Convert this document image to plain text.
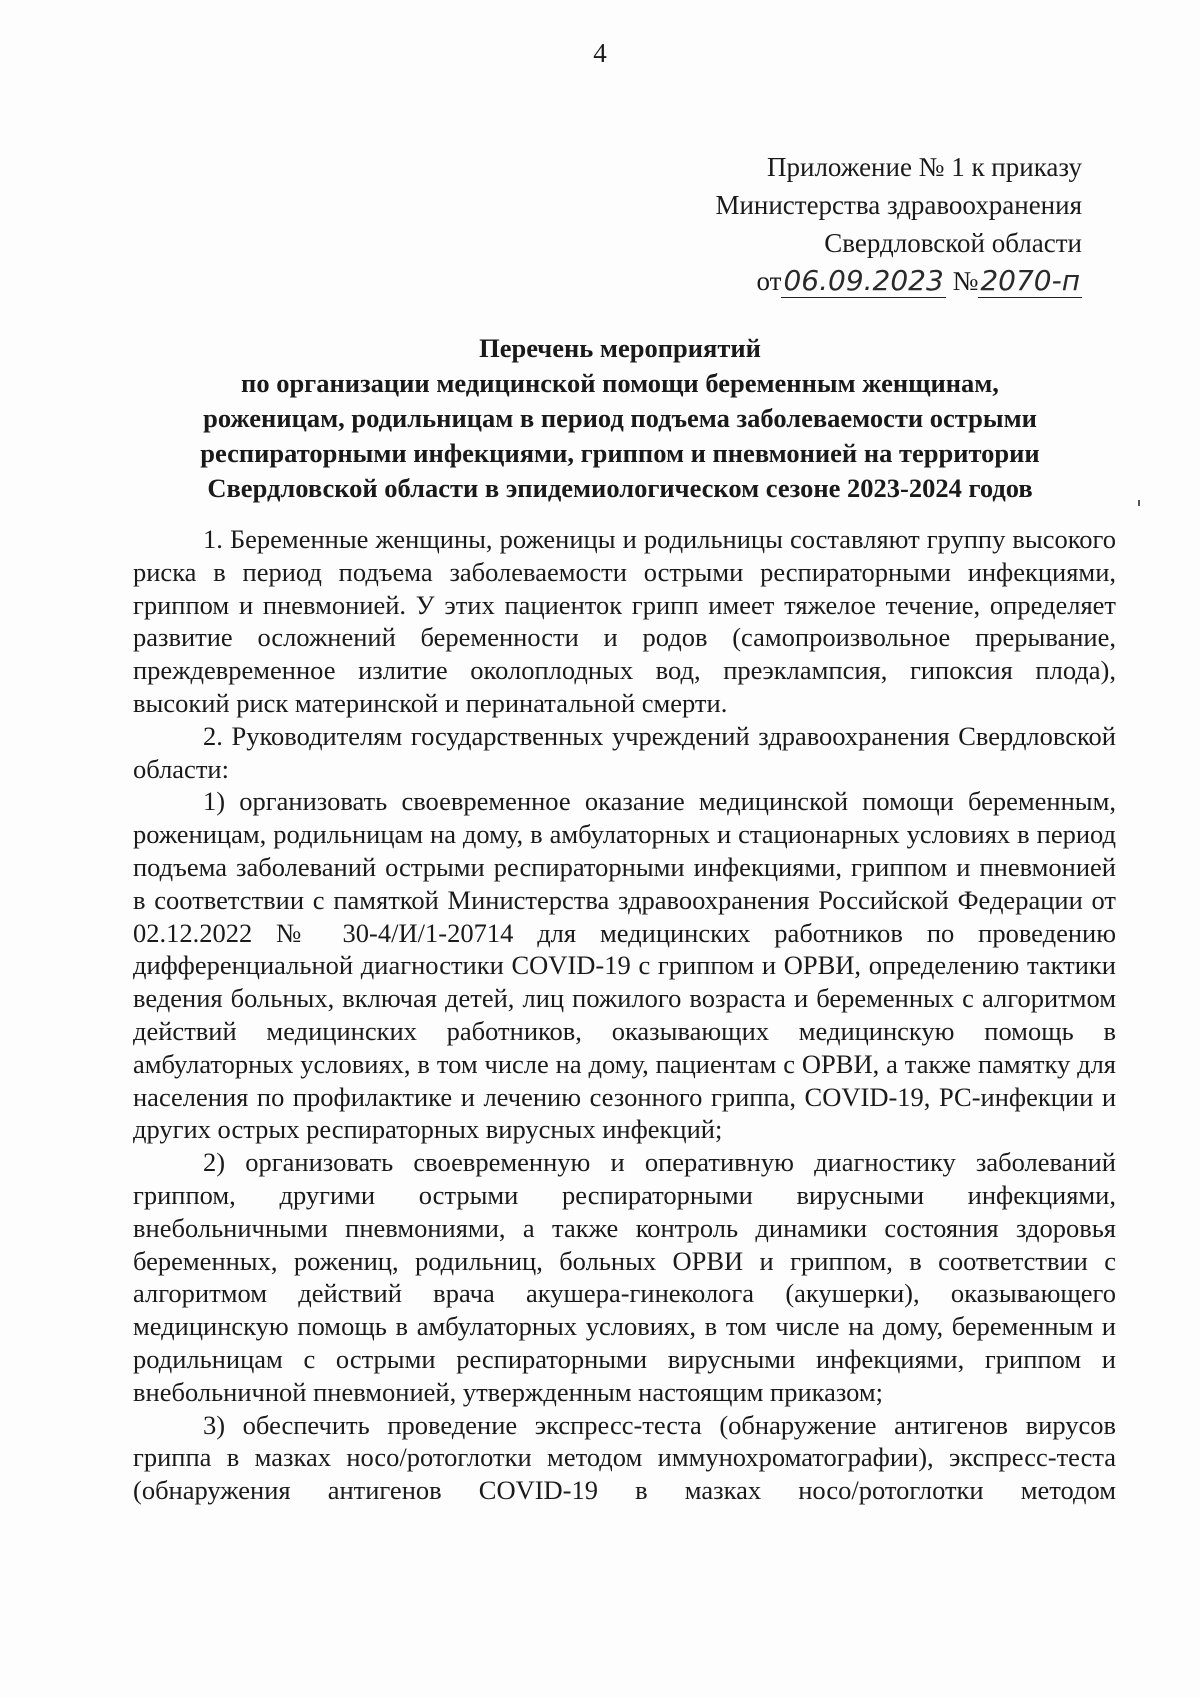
4
Приложение № 1 к приказу
Министерства здравоохранения
Свердловской области
от06.09.2023 №2070-п
Перечень мероприятий
по организации медицинской помощи беременным женщинам,
роженицам, родильницам в период подъема заболеваемости острыми
респираторными инфекциями, гриппом и пневмонией на территории
Свердловской области в эпидемиологическом сезоне 2023-2024 годов

1. Беременные женщины, роженицы и родильницы составляют группу высокого риска в период подъема заболеваемости острыми респираторными инфекциями, гриппом и пневмонией. У этих пациенток грипп имеет тяжелое течение, определяет развитие осложнений беременности и родов (самопроизвольное прерывание, преждевременное излитие околоплодных вод, преэклампсия, гипоксия плода), высокий риск материнской и перинатальной смерти.

2. Руководителям государственных учреждений здравоохранения Свердловской области:

1) организовать своевременное оказание медицинской помощи беременным, роженицам, родильницам на дому, в амбулаторных и стационарных условиях в период подъема заболеваний острыми респираторными инфекциями, гриппом и пневмонией в соответствии с памяткой Министерства здравоохранения Российской Федерации от 02.12.2022 № 30-4/И/1-20714 для медицинских работников по проведению дифференциальной диагностики COVID-19 с гриппом и ОРВИ, определению тактики ведения больных, включая детей, лиц пожилого возраста и беременных с алгоритмом действий медицинских работников, оказывающих медицинскую помощь в амбулаторных условиях, в том числе на дому, пациентам с ОРВИ, а также памятку для населения по профилактике и лечению сезонного гриппа, COVID-19, РС-инфекции и других острых респираторных вирусных инфекций;

2) организовать своевременную и оперативную диагностику заболеваний гриппом, другими острыми респираторными вирусными инфекциями, внебольничными пневмониями, а также контроль динамики состояния здоровья беременных, рожениц, родильниц, больных ОРВИ и гриппом, в соответствии с алгоритмом действий врача акушера-гинеколога (акушерки), оказывающего медицинскую помощь в амбулаторных условиях, в том числе на дому, беременным и родильницам с острыми респираторными вирусными инфекциями, гриппом и внебольничной пневмонией, утвержденным настоящим приказом;

3) обеспечить проведение экспресс-теста (обнаружение антигенов вирусов гриппа в мазках носо/ротоглотки методом иммунохроматографии), экспресс-теста (обнаружения антигенов COVID-19 в мазках носо/ротоглотки методом
